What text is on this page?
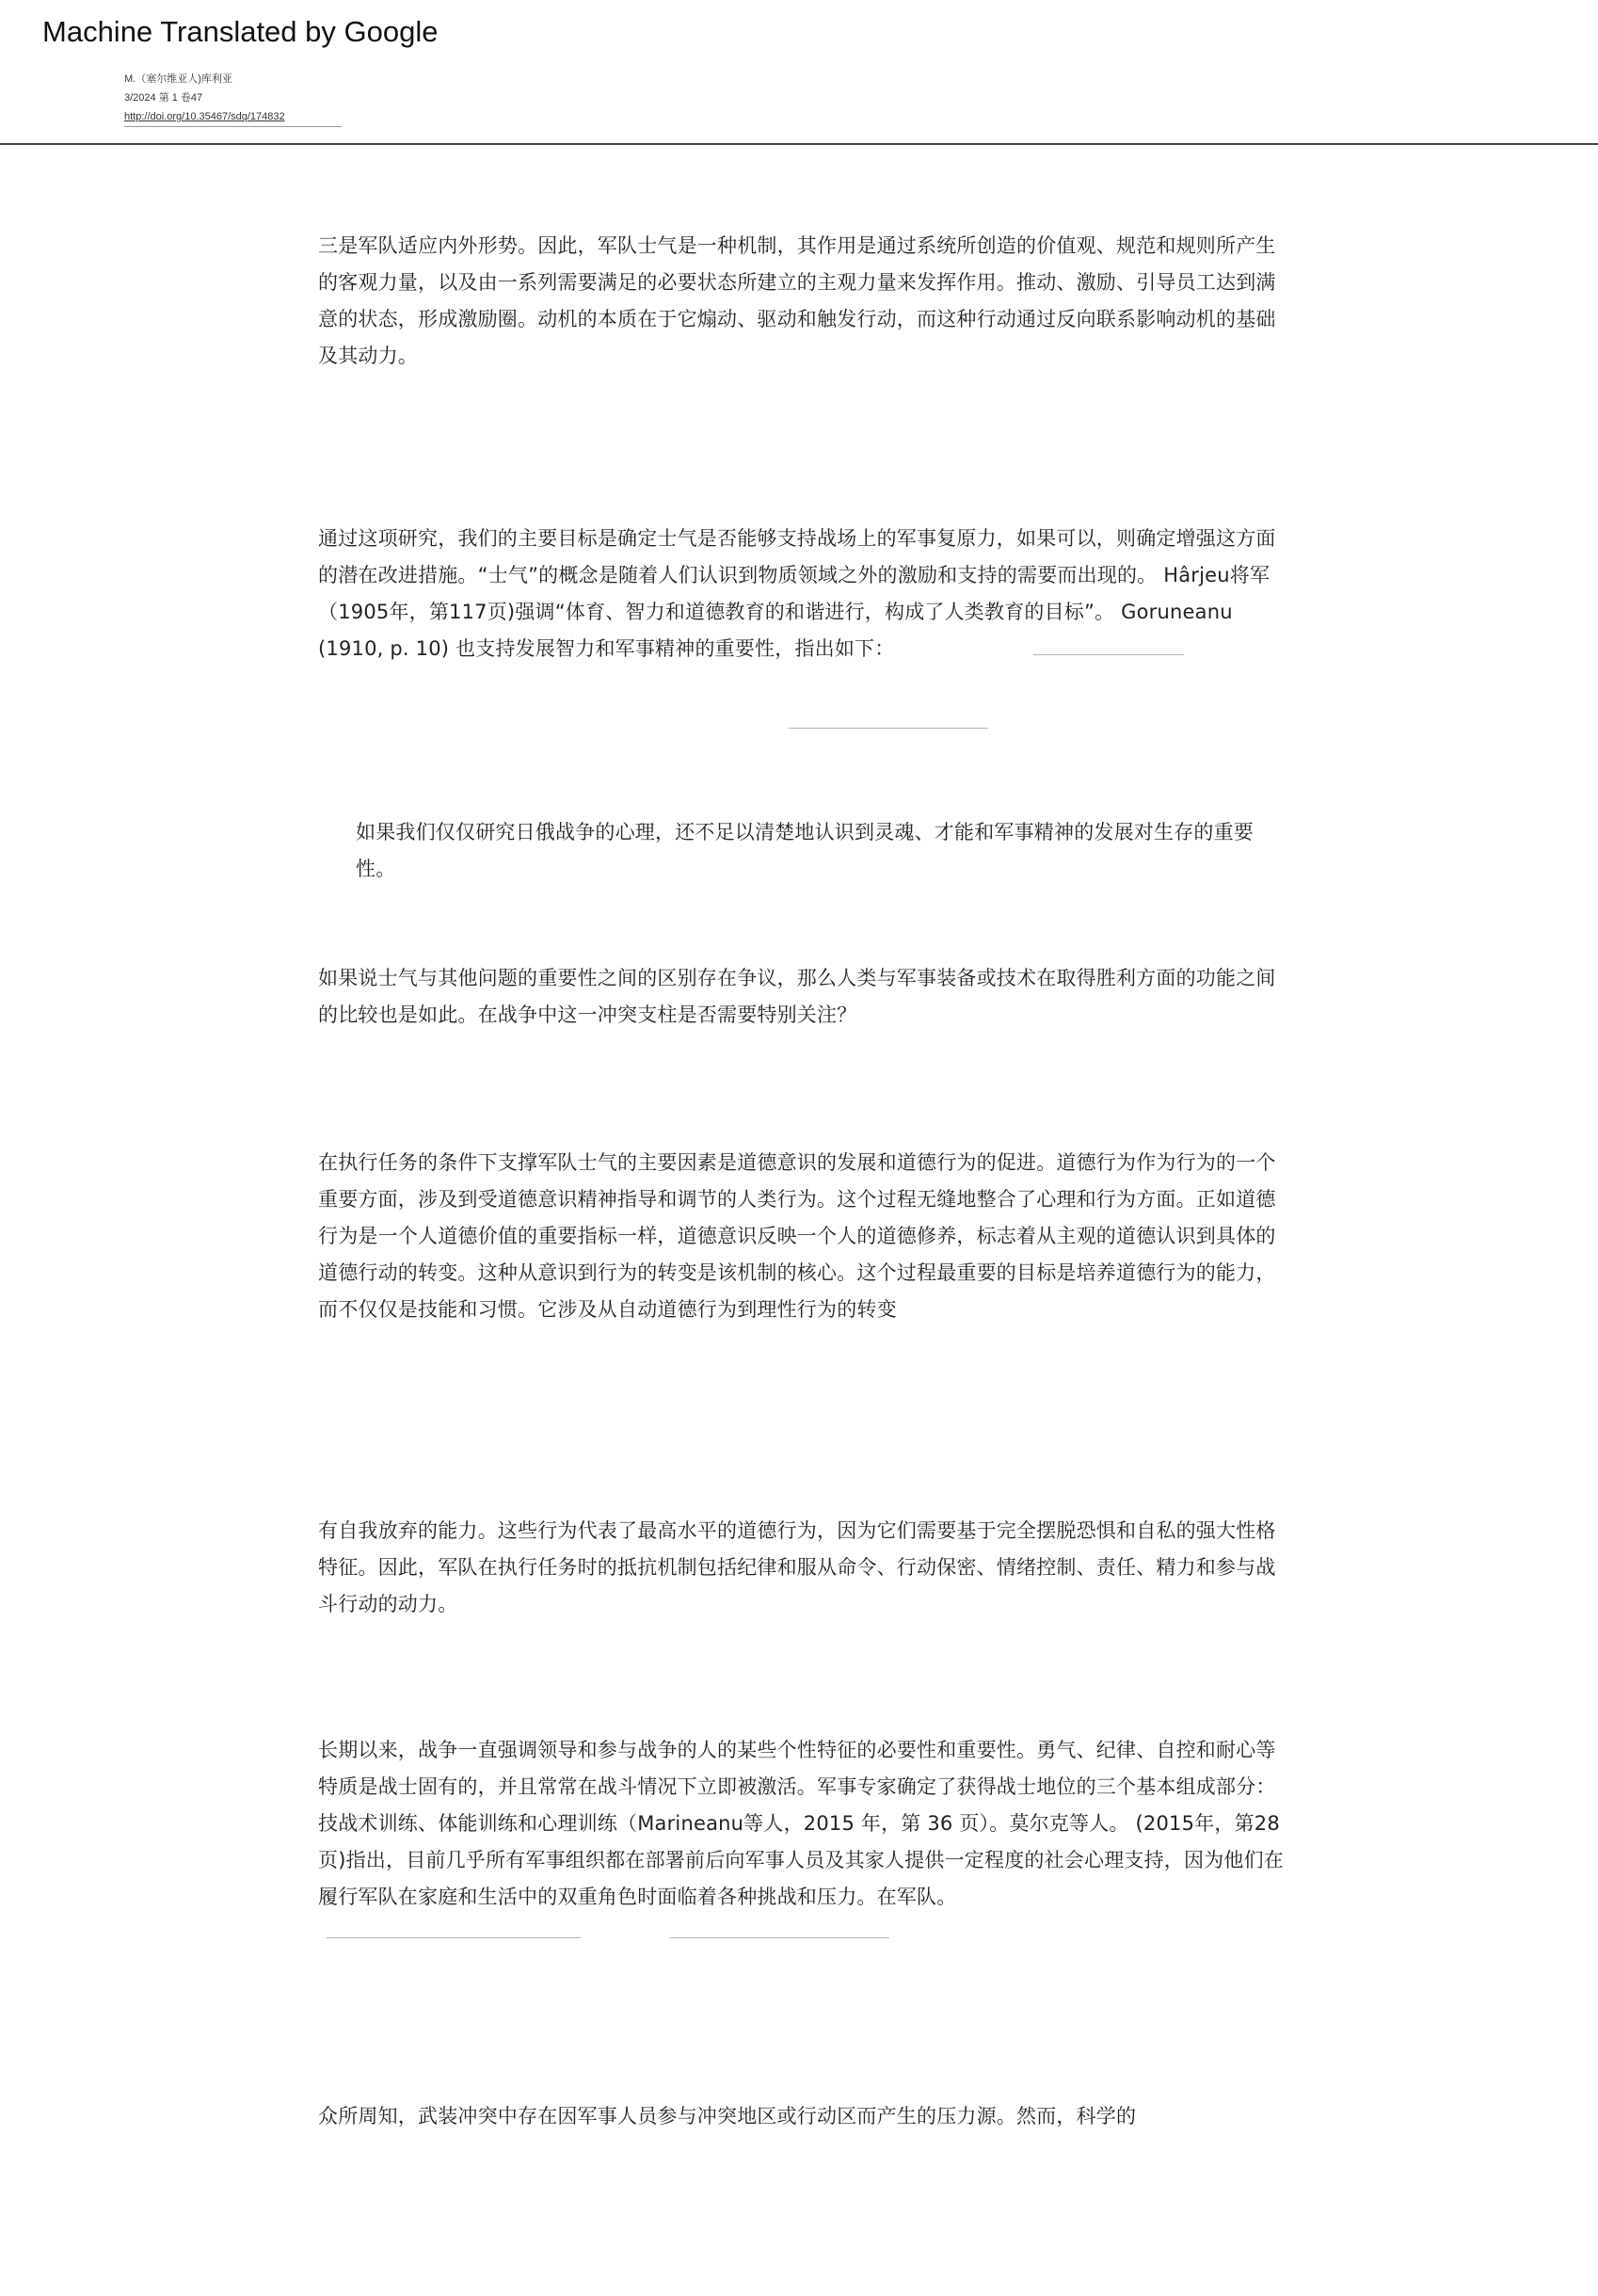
Machine Translated by Google
M.（塞尔维亚人)库利亚
3/2024 第 1 卷47
http://doi.org/10.35467/sdq/174832

三是军队适应内外形势。因此，军队士气是一种机制，其作用是通过系统所创造的价值观、规范和规则所产生的客观力量，以及由一系列需要满足的必要状态所建立的主观力量来发挥作用。推动、激励、引导员工达到满意的状态，形成激励圈。动机的本质在于它煽动、驱动和触发行动，而这种行动通过反向联系影响动机的基础及其动力。

通过这项研究，我们的主要目标是确定士气是否能够支持战场上的军事复原力，如果可以，则确定增强这方面的潜在改进措施。“士气”的概念是随着人们认识到物质领域之外的激励和支持的需要而出现的。 Hârjeu将军（1905年，第117页)强调“体育、智力和道德教育的和谐进行，构成了人类教育的目标”。 Goruneanu (1910, p. 10) 也支持发展智力和军事精神的重要性，指出如下：

如果我们仅仅研究日俄战争的心理，还不足以清楚地认识到灵魂、才能和军事精神的发展对生存的重要性。

如果说士气与其他问题的重要性之间的区别存在争议，那么人类与军事装备或技术在取得胜利方面的功能之间的比较也是如此。在战争中这一冲突支柱是否需要特别关注？

在执行任务的条件下支撑军队士气的主要因素是道德意识的发展和道德行为的促进。道德行为作为行为的一个重要方面，涉及到受道德意识精神指导和调节的人类行为。这个过程无缝地整合了心理和行为方面。正如道德行为是一个人道德价值的重要指标一样，道德意识反映一个人的道德修养，标志着从主观的道德认识到具体的道德行动的转变。这种从意识到行为的转变是该机制的核心。这个过程最重要的目标是培养道德行为的能力，而不仅仅是技能和习惯。它涉及从自动道德行为到理性行为的转变

有自我放弃的能力。这些行为代表了最高水平的道德行为，因为它们需要基于完全摆脱恐惧和自私的强大性格特征。因此，军队在执行任务时的抵抗机制包括纪律和服从命令、行动保密、情绪控制、责任、精力和参与战斗行动的动力。

长期以来，战争一直强调领导和参与战争的人的某些个性特征的必要性和重要性。勇气、纪律、自控和耐心等特质是战士固有的，并且常常在战斗情况下立即被激活。军事专家确定了获得战士地位的三个基本组成部分：技战术训练、体能训练和心理训练（Marineanu等人，2015 年，第 36 页）。莫尔克等人。 (2015年，第28页)指出，目前几乎所有军事组织都在部署前后向军事人员及其家人提供一定程度的社会心理支持，因为他们在履行军队在家庭和生活中的双重角色时面临着各种挑战和压力。在军队。

众所周知，武装冲突中存在因军事人员参与冲突地区或行动区而产生的压力源。然而，科学的
